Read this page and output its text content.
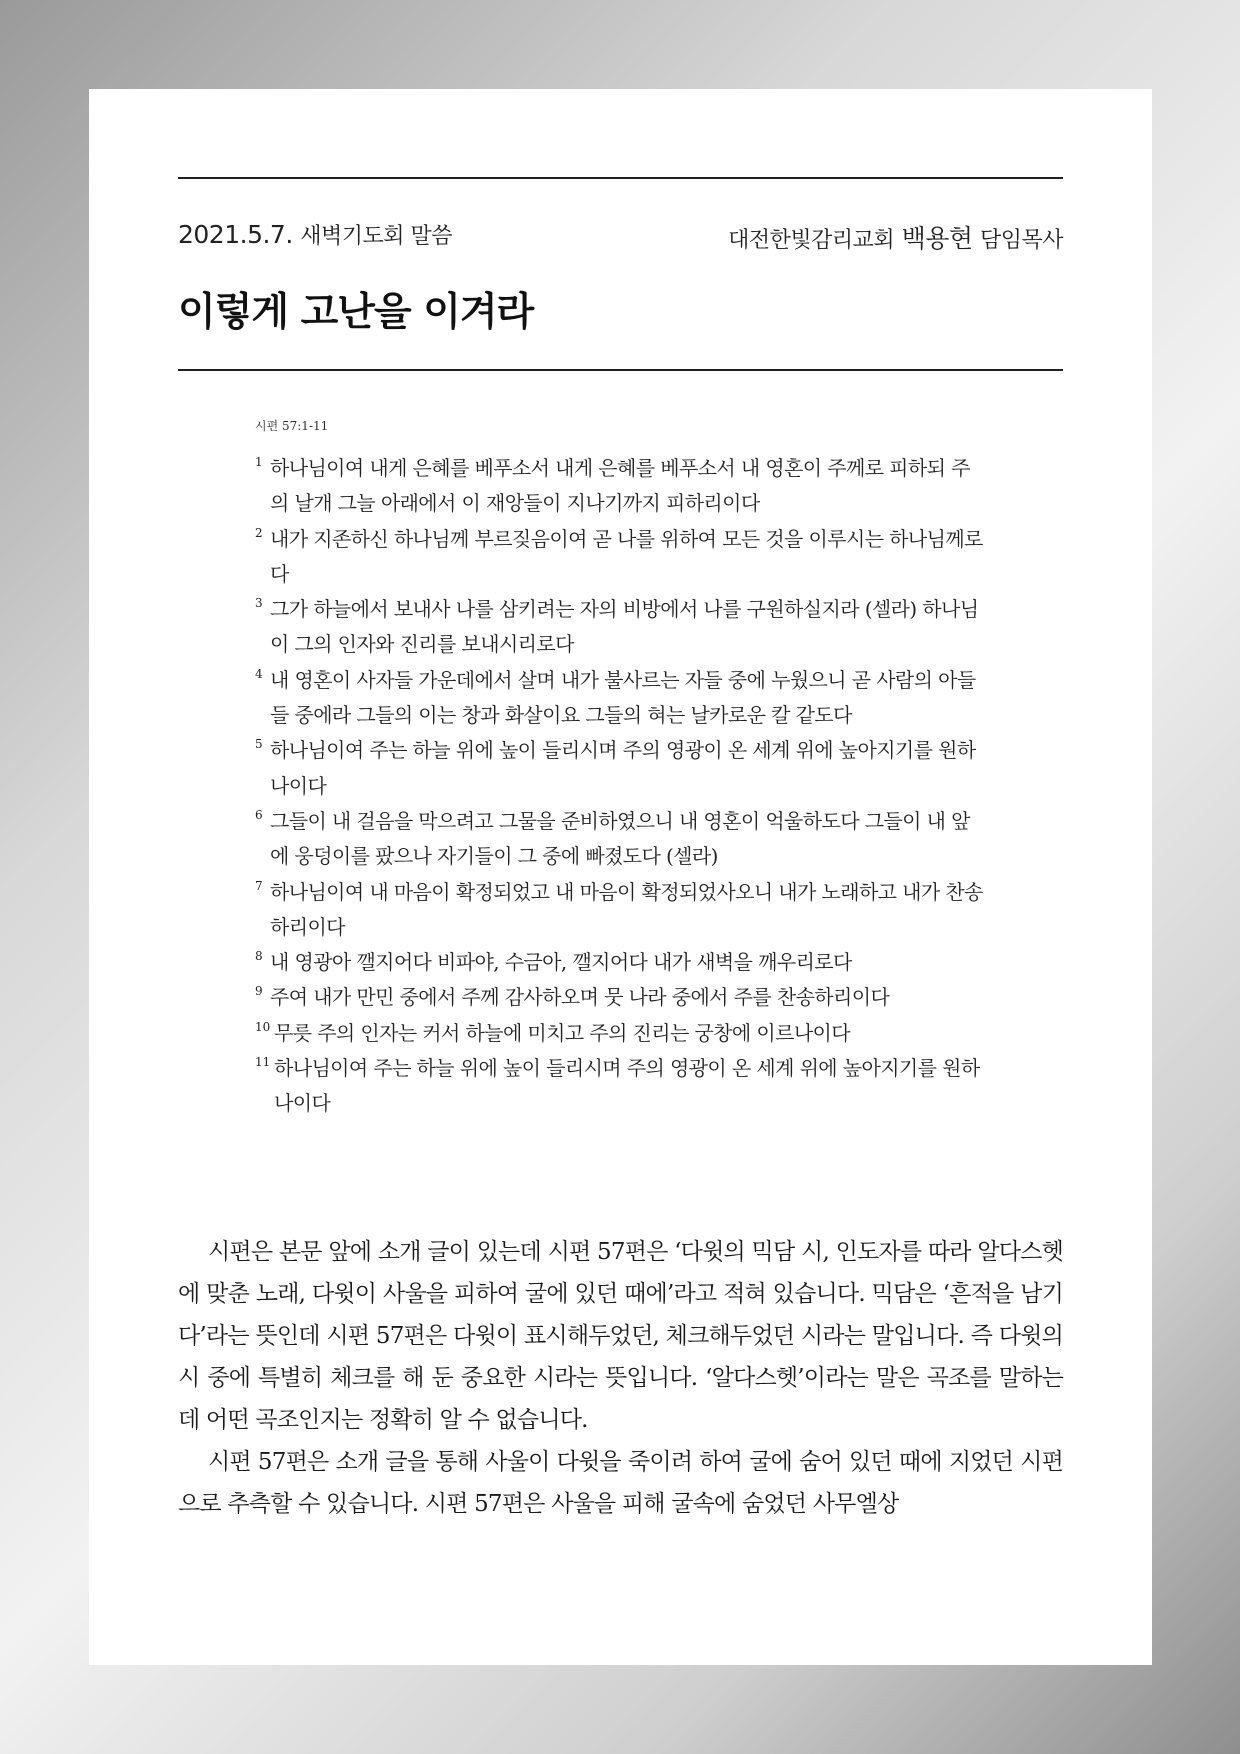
2021.5.7. 새벽기도회 말씀	대전한빛감리교회 백용현 담임목사
이렇게 고난을 이겨라
시편 57:1-11
1 하나님이여 내게 은혜를 베푸소서 내게 은혜를 베푸소서 내 영혼이 주께로 피하되 주의 날개 그늘 아래에서 이 재앙들이 지나기까지 피하리이다
2 내가 지존하신 하나님께 부르짖음이여 곧 나를 위하여 모든 것을 이루시는 하나님께로다
3 그가 하늘에서 보내사 나를 삼키려는 자의 비방에서 나를 구원하실지라 (셀라) 하나님이 그의 인자와 진리를 보내시리로다
4 내 영혼이 사자들 가운데에서 살며 내가 불사르는 자들 중에 누웠으니 곧 사람의 아들들 중에라 그들의 이는 창과 화살이요 그들의 혀는 날카로운 칼 같도다
5 하나님이여 주는 하늘 위에 높이 들리시며 주의 영광이 온 세계 위에 높아지기를 원하나이다
6 그들이 내 걸음을 막으려고 그물을 준비하였으니 내 영혼이 억울하도다 그들이 내 앞에 웅덩이를 팠으나 자기들이 그 중에 빠졌도다 (셀라)
7 하나님이여 내 마음이 확정되었고 내 마음이 확정되었사오니 내가 노래하고 내가 찬송하리이다
8 내 영광아 깰지어다 비파야, 수금아, 깰지어다 내가 새벽을 깨우리로다
9 주여 내가 만민 중에서 주께 감사하오며 뭇 나라 중에서 주를 찬송하리이다
10 무릇 주의 인자는 커서 하늘에 미치고 주의 진리는 궁창에 이르나이다
11 하나님이여 주는 하늘 위에 높이 들리시며 주의 영광이 온 세계 위에 높아지기를 원하나이다

시편은 본문 앞에 소개 글이 있는데 시편 57편은 ‘다윗의 믹담 시, 인도자를 따라 알다스헷에 맞춘 노래, 다윗이 사울을 피하여 굴에 있던 때에’라고 적혀 있습니다. 믹담은 ‘흔적을 남기다’라는 뜻인데 시편 57편은 다윗이 표시해두었던, 체크해두었던 시라는 말입니다. 즉 다윗의 시 중에 특별히 체크를 해 둔 중요한 시라는 뜻입니다. ‘알다스헷’이라는 말은 곡조를 말하는데 어떤 곡조인지는 정확히 알 수 없습니다.

시편 57편은 소개 글을 통해 사울이 다윗을 죽이려 하여 굴에 숨어 있던 때에 지었던 시편으로 추측할 수 있습니다. 시편 57편은 사울을 피해 굴속에 숨었던 사무엘상
